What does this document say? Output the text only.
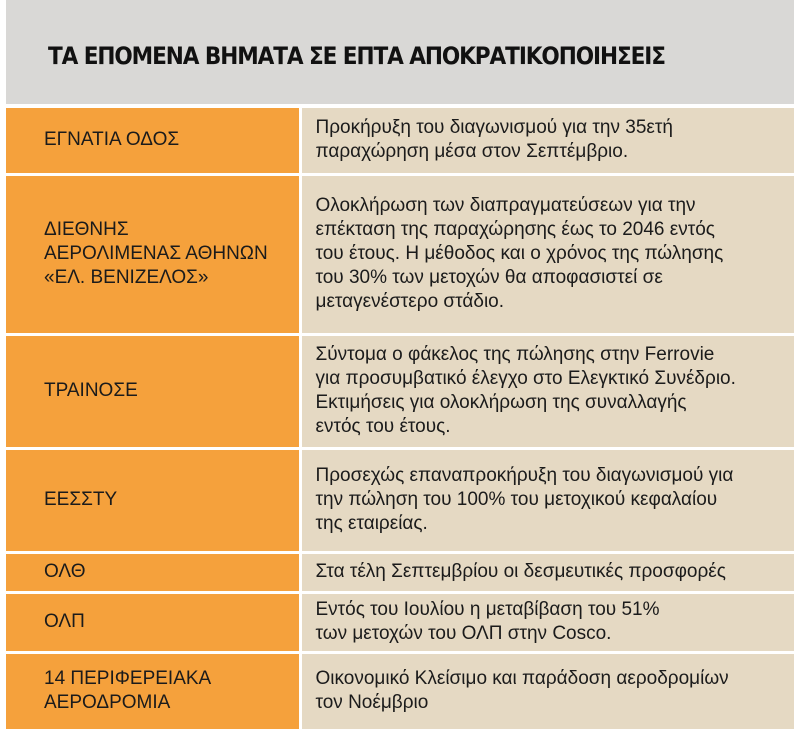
ΤΑ ΕΠΟΜΕΝΑ ΒΗΜΑΤΑ ΣΕ ΕΠΤΑ ΑΠΟΚΡΑΤΙΚΟΠΟΙΗΣΕΙΣ
ΕΓΝΑΤΙΑ ΟΔΟΣ	Προκήρυξη του διαγωνισμού για την 35ετή
παραχώρηση μέσα στον Σεπτέμβριο.

ΔΙΕΘΝΗΣ
ΑΕΡΟΛΙΜΕΝΑΣ ΑΘΗΝΩΝ
«ΕΛ. ΒΕΝΙΖΕΛΟΣ»	Ολοκλήρωση των διαπραγματεύσεων για την
επέκταση της παραχώρησης έως το 2046 εντός
του έτους. Η μέθοδος και ο χρόνος της πώλησης
του 30% των μετοχών θα αποφασιστεί σε
μεταγενέστερο στάδιο.

ΤΡΑΙΝΟΣΕ	Σύντομα ο φάκελος της πώλησης στην Ferrovie
για προσυμβατικό έλεγχο στο Ελεγκτικό Συνέδριο.
Εκτιμήσεις για ολοκλήρωση της συναλλαγής
εντός του έτους.

ΕΕΣΣΤΥ	Προσεχώς επαναπροκήρυξη του διαγωνισμού για
την πώληση του 100% του μετοχικού κεφαλαίου
της εταιρείας.

ΟΛΘ	Στα τέλη Σεπτεμβρίου οι δεσμευτικές προσφορές

ΟΛΠ	Εντός του Ιουλίου η μεταβίβαση του 51%
των μετοχών του ΟΛΠ στην Cosco.

14 ΠΕΡΙΦΕΡΕΙΑΚΑ
ΑΕΡΟΔΡΟΜΙΑ	Οικονομικό Κλείσιμο και παράδοση αεροδρομίων
τον Νοέμβριο
